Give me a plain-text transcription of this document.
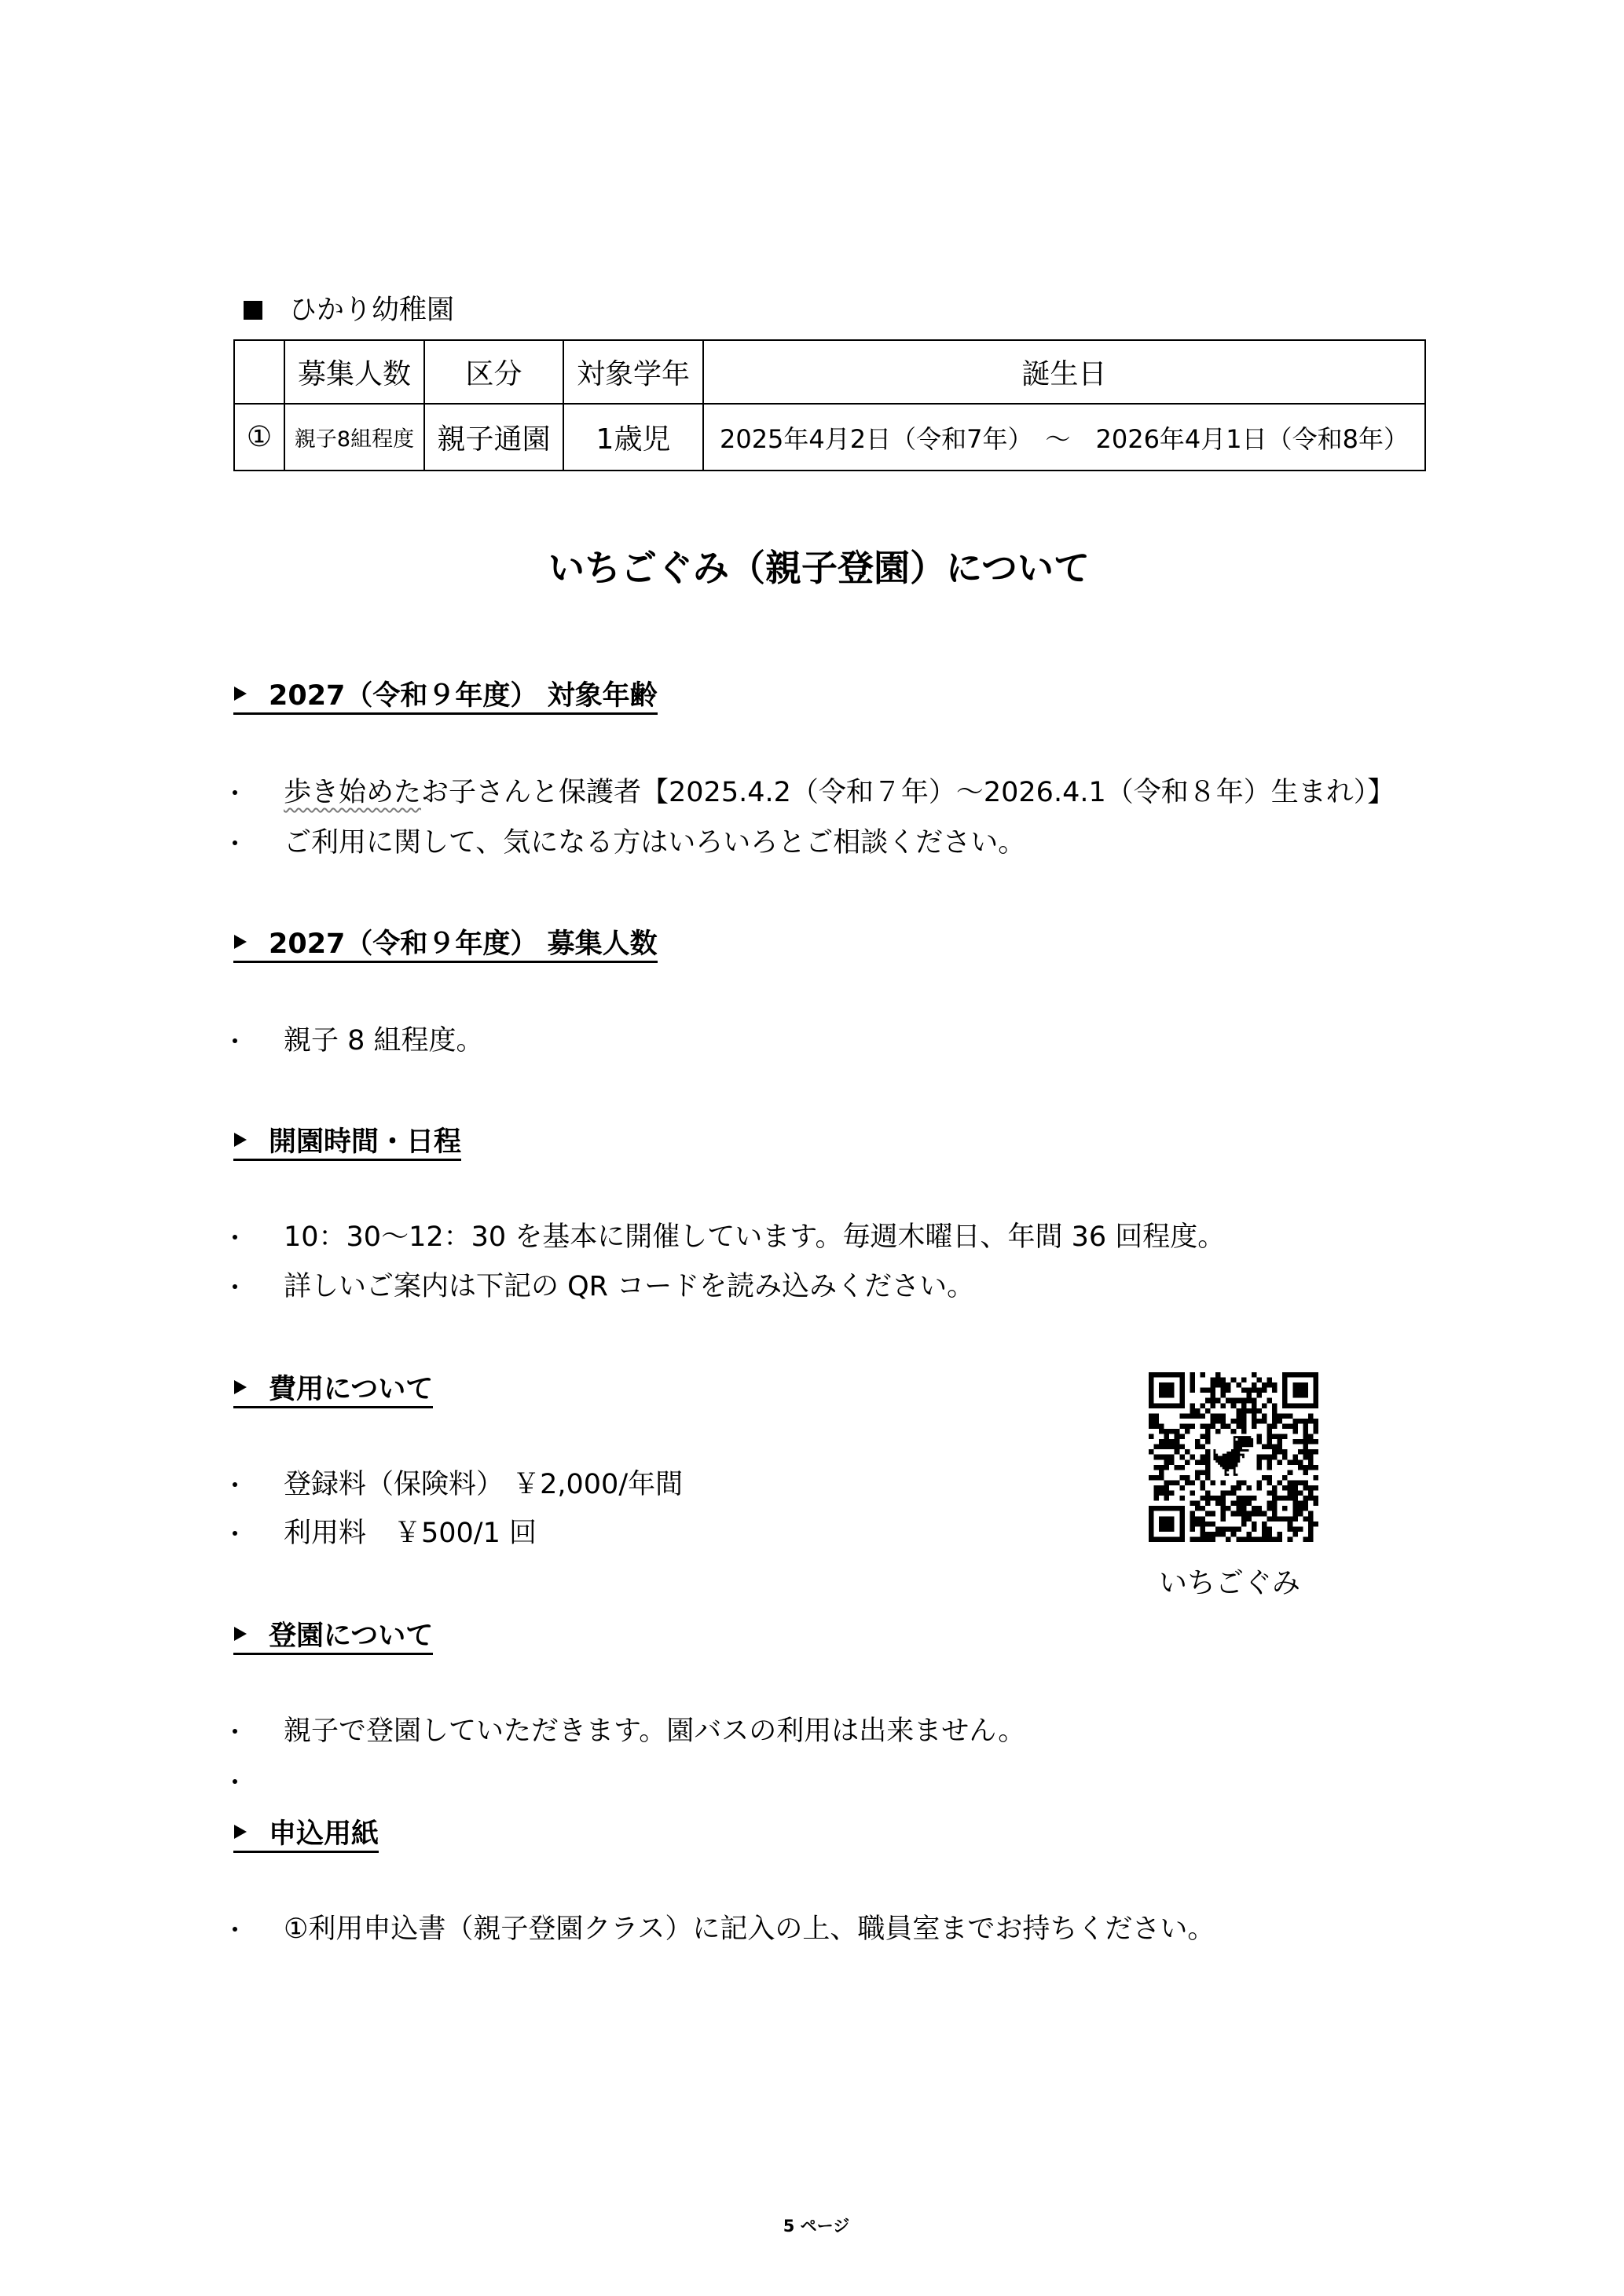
ひかり幼稚園
	募集人数	区分	対象学年	誕生日
①	親子8組程度	親子通園	1歳児	2025年4月2日（令和7年）　～　2026年4月1日（令和8年）
いちごぐみ（親子登園）について
2027（令和９年度） 対象年齢
歩き始めた お子さんと保護者【2025.4.2（令和７年）～2026.4.1（令和８年）生まれ）】
ご利用に関して、気になる方はいろいろとご相談ください。
2027（令和９年度） 募集人数
親子 8 組程度。
開園時間・日程
10：30～12：30 を基本に開催しています。毎週木曜日、年間 36 回程度。
詳しいご案内は下記の QR コードを読み込みください。
費用について
登録料（保険料） ￥2,000/年間
利用料　￥500/1 回
いちごぐみ
登園について
親子で登園していただきます。園バスの利用は出来ません。
申込用紙
①利用申込書（親子登園クラス）に記入の上、職員室までお持ちください。
5 ページ
